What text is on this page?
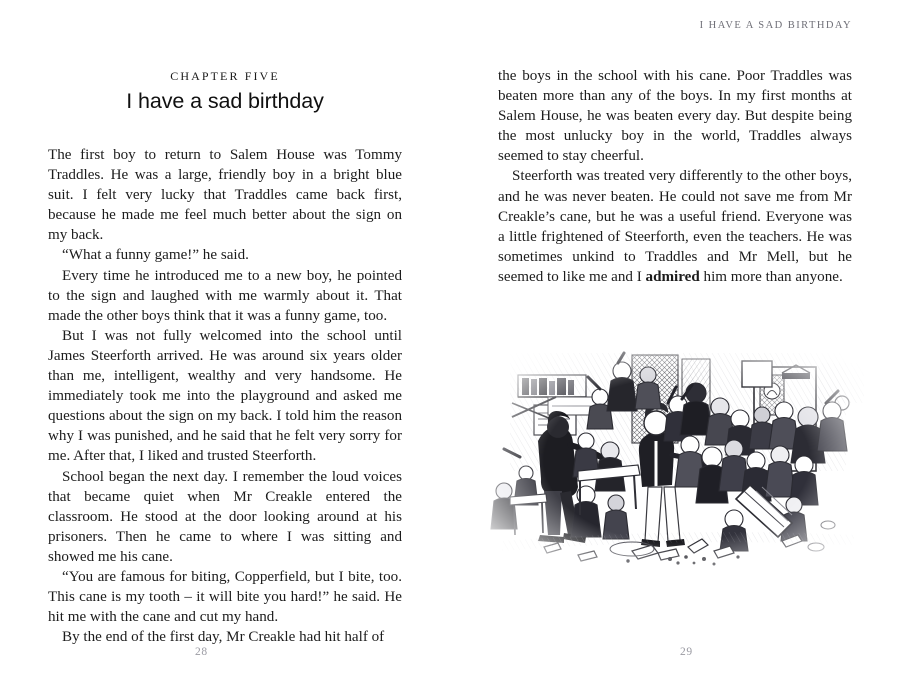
CHAPTER FIVE
I have a sad birthday

The first boy to return to Salem House was Tommy Traddles. He was a large, friendly boy in a bright blue suit. I felt very lucky that Traddles came back first, because he made me feel much better about the sign on my back.

“What a funny game!” he said.

Every time he introduced me to a new boy, he pointed to the sign and laughed with me warmly about it. That made the other boys think that it was a funny game, too.

But I was not fully welcomed into the school until James Steerforth arrived. He was around six years older than me, intelligent, wealthy and very handsome. He immediately took me into the playground and asked me questions about the sign on my back. I told him the reason why I was punished, and he said that he felt very sorry for me. After that, I liked and trusted Steerforth.

School began the next day. I remember the loud voices that became quiet when Mr Creakle entered the classroom. He stood at the door looking around at his prisoners. Then he came to where I was sitting and showed me his cane.

“You are famous for biting, Copperfield, but I bite, too. This cane is my tooth – it will bite you hard!” he said. He hit me with the cane and cut my hand.

By the end of the first day, Mr Creakle had hit half of

28
I HAVE A SAD BIRTHDAY

the boys in the school with his cane. Poor Traddles was beaten more than any of the boys. In my first months at Salem House, he was beaten every day. But despite being the most unlucky boy in the world, Traddles always seemed to stay cheerful.

Steerforth was treated very differently to the other boys, and he was never beaten. He could not save me from Mr Creakle’s cane, but he was a useful friend. Everyone was a little frightened of Steerforth, even the teachers. He was sometimes unkind to Traddles and Mr Mell, but he seemed to like me and I admired him more than anyone.

29
